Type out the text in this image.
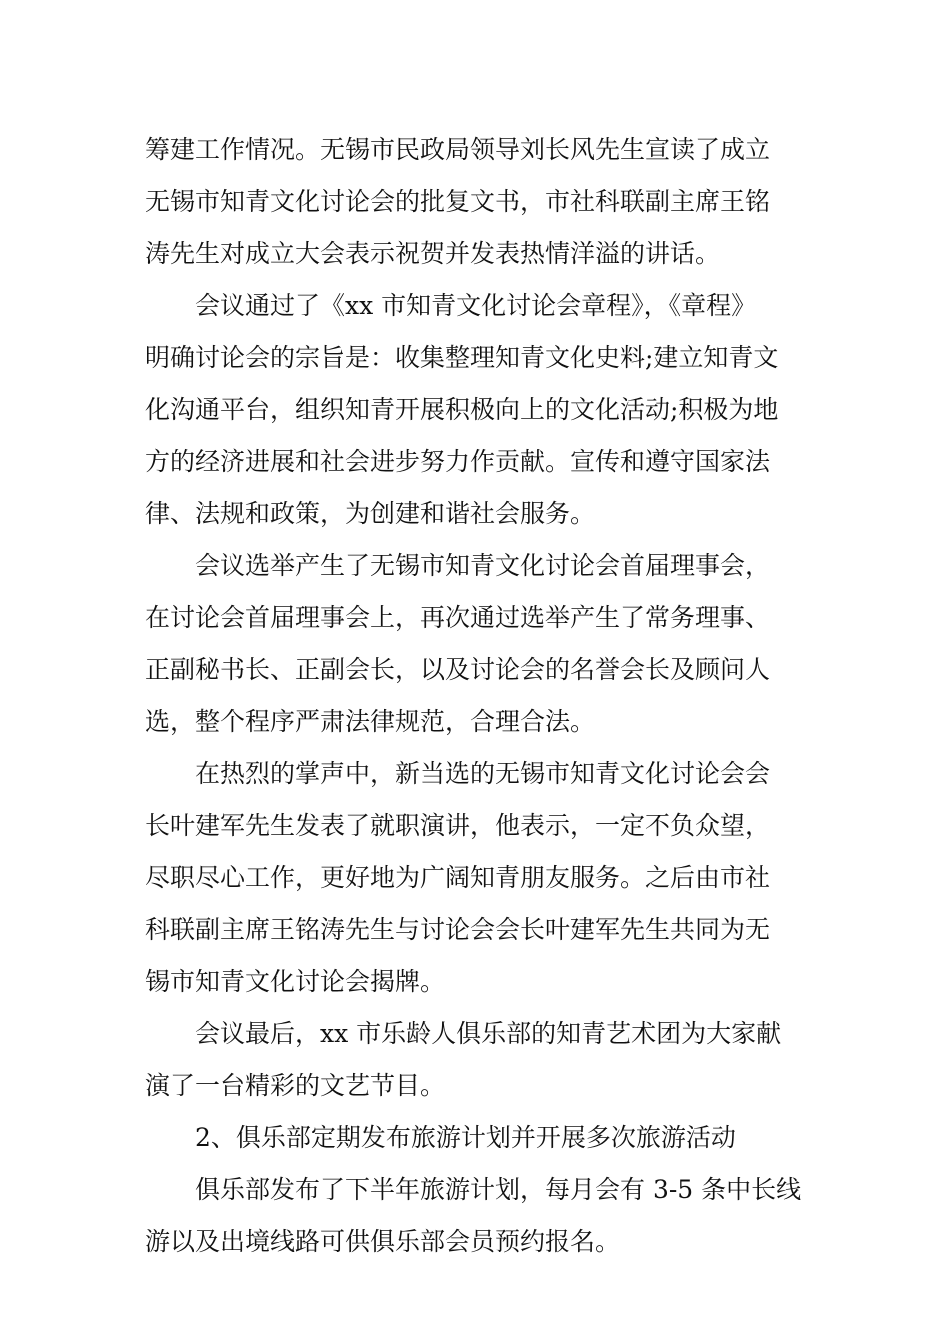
筹建工作情况。无锡市民政局领导刘长风先生宣读了成立
无锡市知青文化讨论会的批复文书，市社科联副主席王铭
涛先生对成立大会表示祝贺并发表热情洋溢的讲话。
会议通过了《xx 市知青文化讨论会章程》，《章程》
明确讨论会的宗旨是：收集整理知青文化史料;建立知青文
化沟通平台，组织知青开展积极向上的文化活动;积极为地
方的经济进展和社会进步努力作贡献。宣传和遵守国家法
律、法规和政策，为创建和谐社会服务。
会议选举产生了无锡市知青文化讨论会首届理事会，
在讨论会首届理事会上，再次通过选举产生了常务理事、
正副秘书长、正副会长，以及讨论会的名誉会长及顾问人
选，整个程序严肃法律规范，合理合法。
在热烈的掌声中，新当选的无锡市知青文化讨论会会
长叶建军先生发表了就职演讲，他表示，一定不负众望，
尽职尽心工作，更好地为广阔知青朋友服务。之后由市社
科联副主席王铭涛先生与讨论会会长叶建军先生共同为无
锡市知青文化讨论会揭牌。
会议最后，xx 市乐龄人俱乐部的知青艺术团为大家献
演了一台精彩的文艺节目。
2、俱乐部定期发布旅游计划并开展多次旅游活动
俱乐部发布了下半年旅游计划，每月会有 3-5 条中长线
游以及出境线路可供俱乐部会员预约报名。
